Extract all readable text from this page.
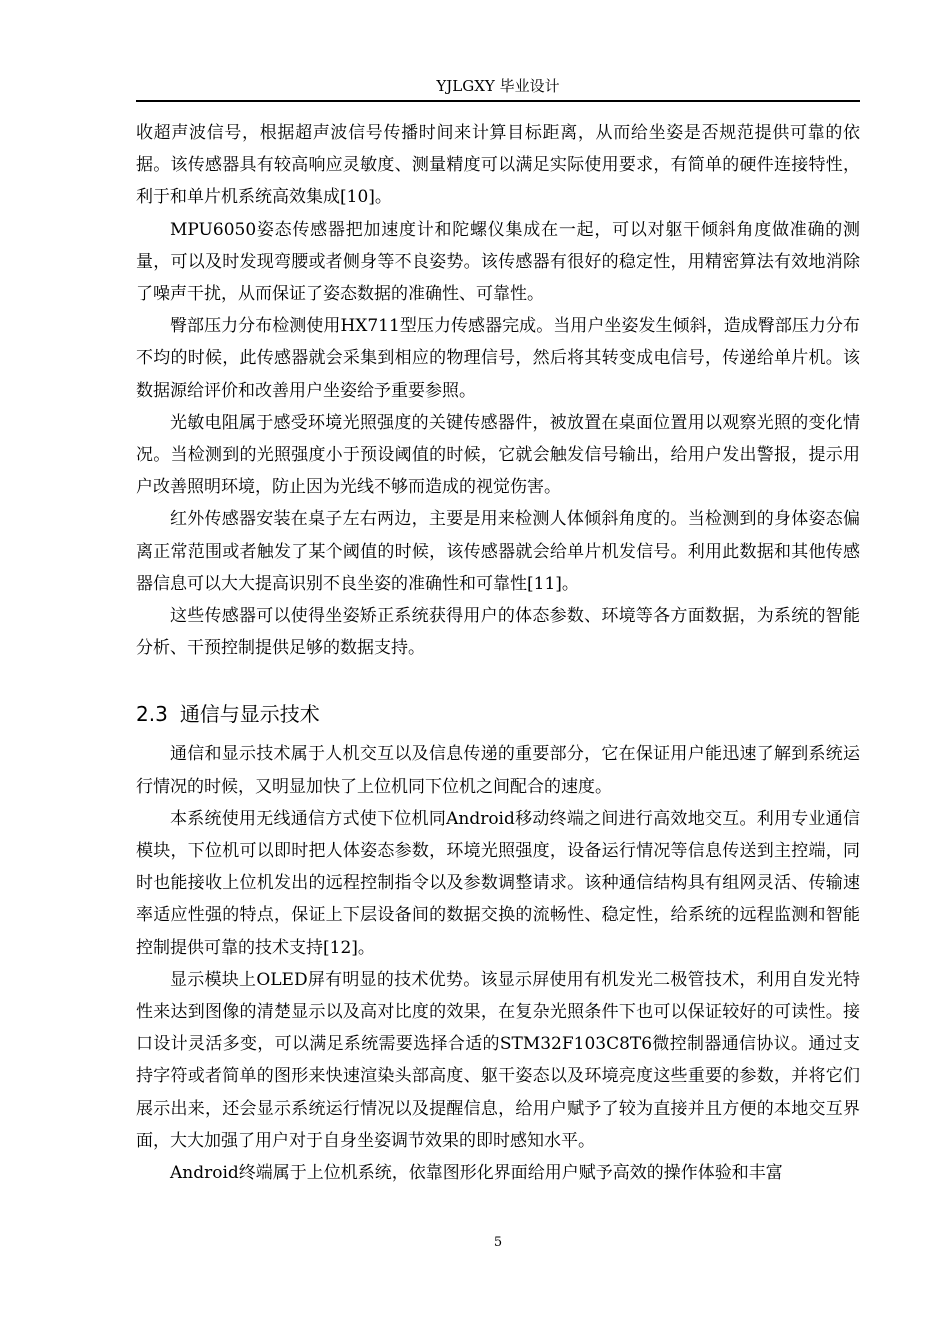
YJLGXY 毕业设计

收超声波信号，根据超声波信号传播时间来计算目标距离，从而给坐姿是否规范提供可靠的依据。该传感器具有较高响应灵敏度、测量精度可以满足实际使用要求，有简单的硬件连接特性，利于和单片机系统高效集成[10]。

MPU6050姿态传感器把加速度计和陀螺仪集成在一起，可以对躯干倾斜角度做准确的测量，可以及时发现弯腰或者侧身等不良姿势。该传感器有很好的稳定性，用精密算法有效地消除了噪声干扰，从而保证了姿态数据的准确性、可靠性。

臀部压力分布检测使用HX711型压力传感器完成。当用户坐姿发生倾斜，造成臀部压力分布不均的时候，此传感器就会采集到相应的物理信号，然后将其转变成电信号，传递给单片机。该数据源给评价和改善用户坐姿给予重要参照。

光敏电阻属于感受环境光照强度的关键传感器件，被放置在桌面位置用以观察光照的变化情况。当检测到的光照强度小于预设阈值的时候，它就会触发信号输出，给用户发出警报，提示用户改善照明环境，防止因为光线不够而造成的视觉伤害。

红外传感器安装在桌子左右两边，主要是用来检测人体倾斜角度的。当检测到的身体姿态偏离正常范围或者触发了某个阈值的时候，该传感器就会给单片机发信号。利用此数据和其他传感器信息可以大大提高识别不良坐姿的准确性和可靠性[11]。

这些传感器可以使得坐姿矫正系统获得用户的体态参数、环境等各方面数据，为系统的智能分析、干预控制提供足够的数据支持。

2.3 通信与显示技术

通信和显示技术属于人机交互以及信息传递的重要部分，它在保证用户能迅速了解到系统运行情况的时候，又明显加快了上位机同下位机之间配合的速度。

本系统使用无线通信方式使下位机同Android移动终端之间进行高效地交互。利用专业通信模块，下位机可以即时把人体姿态参数，环境光照强度，设备运行情况等信息传送到主控端，同时也能接收上位机发出的远程控制指令以及参数调整请求。该种通信结构具有组网灵活、传输速率适应性强的特点，保证上下层设备间的数据交换的流畅性、稳定性，给系统的远程监测和智能控制提供可靠的技术支持[12]。

显示模块上OLED屏有明显的技术优势。该显示屏使用有机发光二极管技术，利用自发光特性来达到图像的清楚显示以及高对比度的效果，在复杂光照条件下也可以保证较好的可读性。接口设计灵活多变，可以满足系统需要选择合适的STM32F103C8T6微控制器通信协议。通过支持字符或者简单的图形来快速渲染头部高度、躯干姿态以及环境亮度这些重要的参数，并将它们展示出来，还会显示系统运行情况以及提醒信息，给用户赋予了较为直接并且方便的本地交互界面，大大加强了用户对于自身坐姿调节效果的即时感知水平。

Android终端属于上位机系统，依靠图形化界面给用户赋予高效的操作体验和丰富

5
